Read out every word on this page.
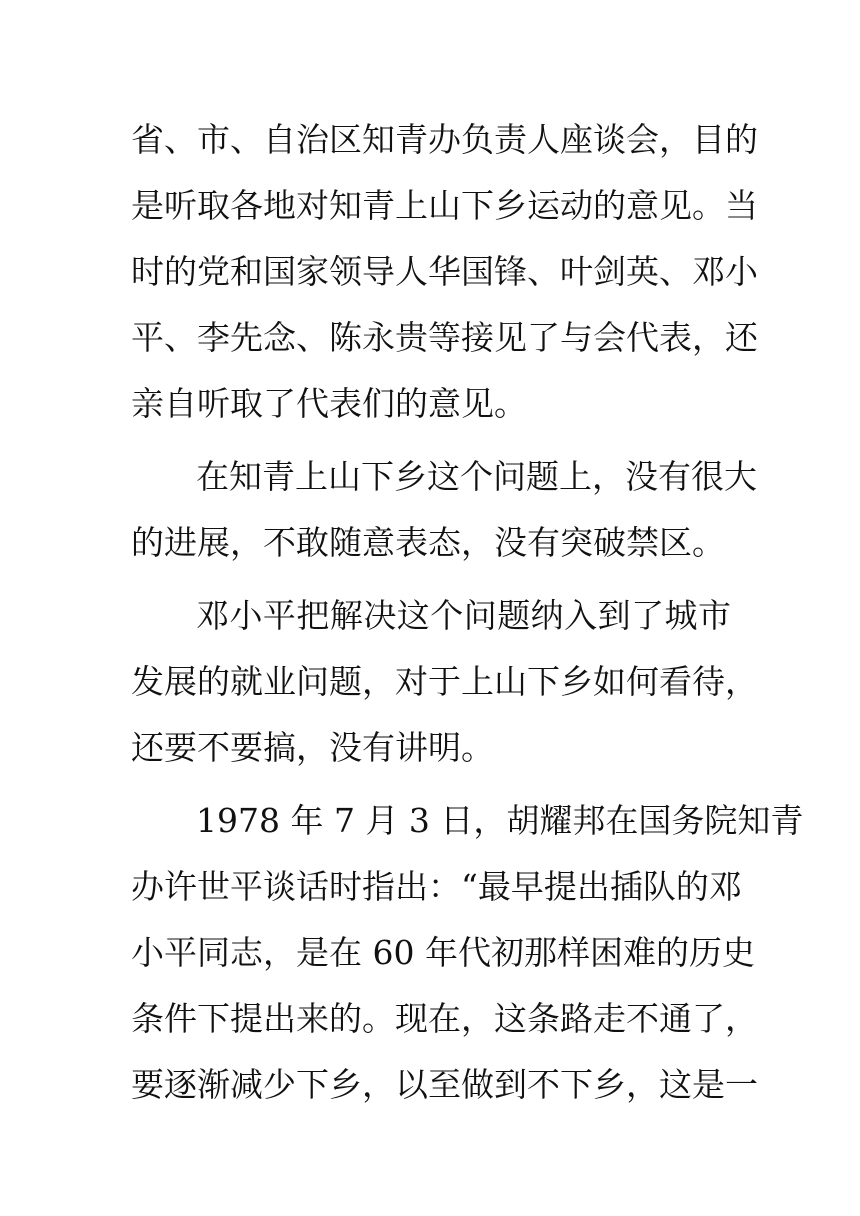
省、市、自治区知青办负责人座谈会，目的
是听取各地对知青上山下乡运动的意见。当
时的党和国家领导人华国锋、叶剑英、邓小
平、李先念、陈永贵等接见了与会代表，还
亲自听取了代表们的意见。
在知青上山下乡这个问题上，没有很大
的进展，不敢随意表态，没有突破禁区。
邓小平把解决这个问题纳入到了城市
发展的就业问题，对于上山下乡如何看待，
还要不要搞，没有讲明。
1978 年 7 月 3 日，胡耀邦在国务院知青
办许世平谈话时指出：“最早提出插队的邓
小平同志，是在 60 年代初那样困难的历史
条件下提出来的。现在，这条路走不通了，
要逐渐减少下乡，以至做到不下乡，这是一
